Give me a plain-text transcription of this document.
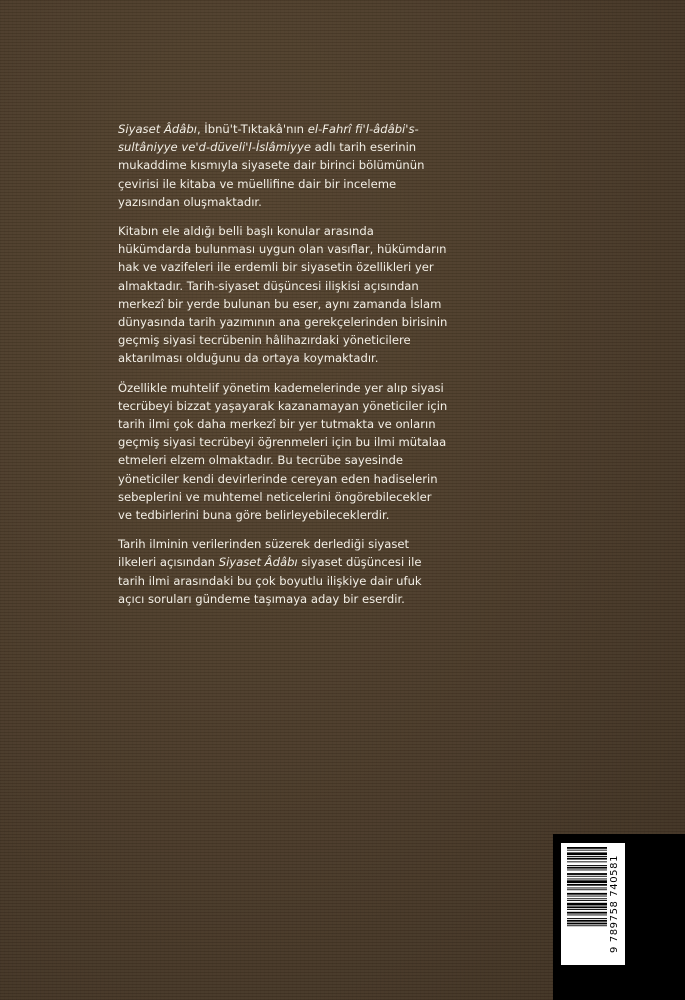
Siyaset Âdâbı, İbnü't-Tıktakâ'nın el-Fahrî fi'l-âdâbi's-sultâniyye ve'd-düveli'l-İslâmiyye adlı tarih eserinin mukaddime kısmıyla siyasete dair birinci bölümünün çevirisi ile kitaba ve müellifine dair bir inceleme yazısından oluşmaktadır.

Kitabın ele aldığı belli başlı konular arasında hükümdarda bulunması uygun olan vasıflar, hükümdarın hak ve vazifeleri ile erdemli bir siyasetin özellikleri yer almaktadır. Tarih-siyaset düşüncesi ilişkisi açısından merkezî bir yerde bulunan bu eser, aynı zamanda İslam dünyasında tarih yazımının ana gerekçelerinden birisinin geçmiş siyasi tecrübenin hâlihazırdaki yöneticilere aktarılması olduğunu da ortaya koymaktadır.

Özellikle muhtelif yönetim kademelerinde yer alıp siyasi tecrübeyi bizzat yaşayarak kazanamayan yöneticiler için tarih ilmi çok daha merkezî bir yer tutmakta ve onların geçmiş siyasi tecrübeyi öğrenmeleri için bu ilmi mütalaa etmeleri elzem olmaktadır. Bu tecrübe sayesinde yöneticiler kendi devirlerinde cereyan eden hadiselerin sebeplerini ve muhtemel neticelerini öngörebilecekler ve tedbirlerini buna göre belirleyebileceklerdir.

Tarih ilminin verilerinden süzerek derlediği siyaset ilkeleri açısından Siyaset Âdâbı siyaset düşüncesi ile tarih ilmi arasındaki bu çok boyutlu ilişkiye dair ufuk açıcı soruları gündeme taşımaya aday bir eserdir.

9 789758 740581
